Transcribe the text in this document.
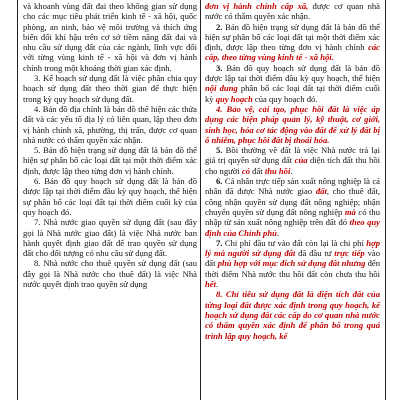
và khoanh vùng đất đai theo không gian sử dụng cho các mục tiêu phát triển kinh tế - xã hội, quốc phòng, an ninh, bảo vệ môi trường và thích ứng biến đổi khí hậu trên cơ sở tiềm năng đất đai và nhu cầu sử dụng đất của các ngành, lĩnh vực đối với từng vùng kinh tế - xã hội và đơn vị hành chính trong một khoảng thời gian xác định.

3. Kế hoạch sử dụng đất là việc phân chia quy hoạch sử dụng đất theo thời gian để thực hiện trong kỳ quy hoạch sử dụng đất.

4. Bản đồ địa chính là bản đồ thể hiện các thửa đất và các yếu tố địa lý có liên quan, lập theo đơn vị hành chính xã, phường, thị trấn, được cơ quan nhà nước có thẩm quyền xác nhận.

5. Bản đồ hiện trạng sử dụng đất là bản đồ thể hiện sự phân bố các loại đất tại một thời điểm xác định, được lập theo từng đơn vị hành chính.

6. Bản đồ quy hoạch sử dụng đất là bản đồ được lập tại thời điểm đầu kỳ quy hoạch, thể hiện sự phân bổ các loại đất tại thời điểm cuối kỳ của quy hoạch đó.

7. Nhà nước giao quyền sử dụng đất (sau đây gọi là Nhà nước giao đất) là việc Nhà nước ban hành quyết định giao đất để trao quyền sử dụng đất cho đối tượng có nhu cầu sử dụng đất.

8. Nhà nước cho thuê quyền sử dụng đất (sau đây gọi là Nhà nước cho thuê đất) là việc Nhà nước quyết định trao quyền sử dụng

đơn vị hành chính cấp xã, được cơ quan nhà nước có thẩm quyền xác nhận.

2. Bản đồ hiện trạng sử dụng đất là bản đồ thể hiện sự phân bố các loại đất tại một thời điểm xác định, được lập theo từng đơn vị hành chính các cấp, theo từng vùng kinh tế - xã hội.

3. Bản đồ quy hoạch sử dụng đất là bản đồ được lập tại thời điểm đầu kỳ quy hoạch, thể hiện nội dung phân bổ các loại đất tại thời điểm cuối kỳ quy hoạch của quy hoạch đó.

4. Bảo vệ, cải tạo, phục hồi đất là việc áp dụng các biện pháp quản lý, kỹ thuật, cơ giới, sinh học, hóa cơ tác động vào đất để xử lý đất bị ô nhiễm, phục hồi đất bị thoái hóa.

5. Bồi thường về đất là việc Nhà nước trả lại giá trị quyền sử dụng đất của diện tích đất thu hồi cho người có đất thu hồi.

6. Cá nhân trực tiếp sản xuất nông nghiệp là cá nhân đã được Nhà nước giao đất, cho thuê đất, công nhận quyền sử dụng đất nông nghiệp; nhận chuyển quyền sử dụng đất nông nghiệp mà có thu nhập từ sản xuất nông nghiệp trên đất đó theo quy định của Chính phủ.

7. Chi phí đầu tư vào đất còn lại là chi phí hợp lý mà người sử dụng đất đã đầu tư trực tiếp vào đất phù hợp với mục đích sử dụng đất nhưng đến thời điểm Nhà nước thu hồi đất còn chưa thu hồi hết.

8. Chỉ tiêu sử dụng đất là diện tích đất của từng loại đất được xác định trong quy hoạch, kế hoạch sử dụng đất các cấp do cơ quan nhà nước có thẩm quyền xác định để phân bổ trong quá trình lập quy hoạch, kế
